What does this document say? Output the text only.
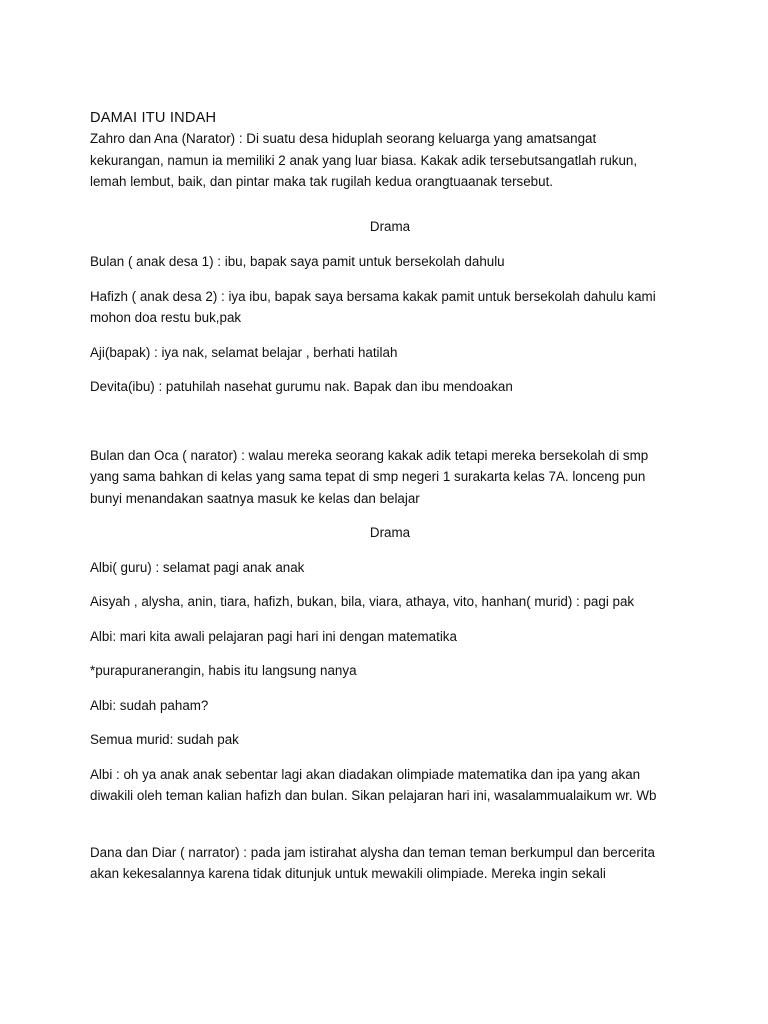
DAMAI ITU INDAH

Zahro dan Ana (Narator) : Di suatu desa hiduplah seorang keluarga yang amatsangat
kekurangan, namun ia memiliki 2 anak yang luar biasa. Kakak adik tersebutsangatlah rukun,
lemah lembut, baik, dan pintar maka tak rugilah kedua orangtuaanak tersebut.

Drama

Bulan ( anak desa 1) : ibu, bapak saya pamit untuk bersekolah dahulu

Hafizh ( anak desa 2) : iya ibu, bapak saya bersama kakak pamit untuk bersekolah dahulu kami
mohon doa restu buk,pak

Aji(bapak) : iya nak, selamat belajar , berhati hatilah

Devita(ibu) : patuhilah nasehat gurumu nak. Bapak dan ibu mendoakan

Bulan dan Oca ( narator) : walau mereka seorang kakak adik tetapi mereka bersekolah di smp
yang sama bahkan di kelas yang sama tepat di smp negeri 1 surakarta kelas 7A. lonceng pun
bunyi menandakan saatnya masuk ke kelas dan belajar

Drama

Albi( guru) : selamat pagi anak anak

Aisyah , alysha, anin, tiara, hafizh, bukan, bila, viara, athaya, vito, hanhan( murid) : pagi pak

Albi: mari kita awali pelajaran pagi hari ini dengan matematika

*purapuranerangin, habis itu langsung nanya

Albi: sudah paham?

Semua murid: sudah pak

Albi : oh ya anak anak sebentar lagi akan diadakan olimpiade matematika dan ipa yang akan
diwakili oleh teman kalian hafizh dan bulan. Sikan pelajaran hari ini, wasalammualaikum wr. Wb

Dana dan Diar ( narrator) : pada jam istirahat alysha dan teman teman berkumpul dan bercerita
akan kekesalannya karena tidak ditunjuk untuk mewakili olimpiade. Mereka ingin sekali
